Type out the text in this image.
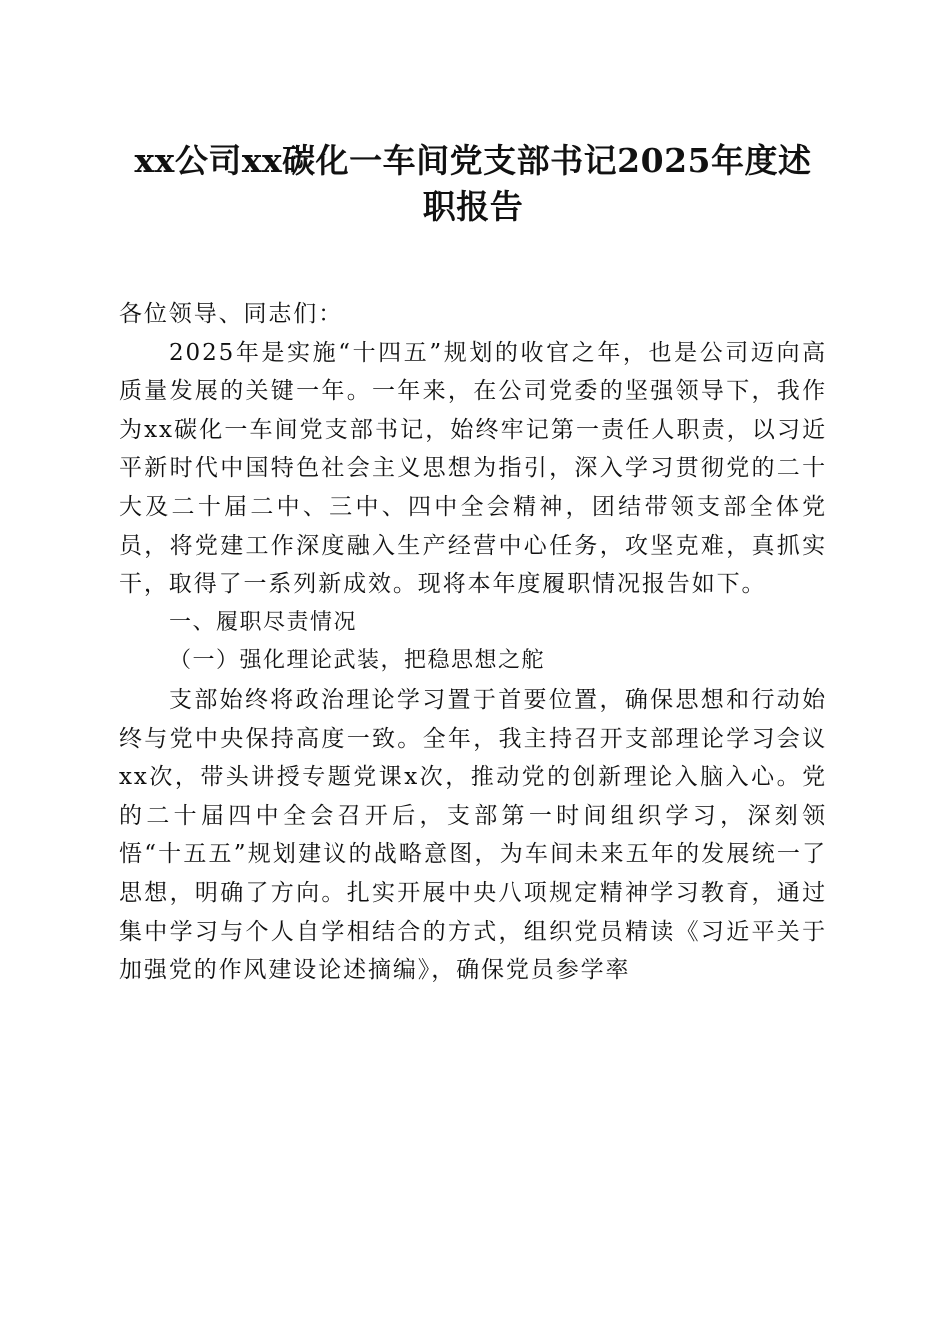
xx公司xx碳化一车间党支部书记2025年度述职报告

各位领导、同志们：

2025年是实施“十四五”规划的收官之年，也是公司迈向高质量发展的关键一年。一年来，在公司党委的坚强领导下，我作为xx碳化一车间党支部书记，始终牢记第一责任人职责，以习近平新时代中国特色社会主义思想为指引，深入学习贯彻党的二十大及二十届二中、三中、四中全会精神，团结带领支部全体党员，将党建工作深度融入生产经营中心任务，攻坚克难，真抓实干，取得了一系列新成效。现将本年度履职情况报告如下。

一、履职尽责情况

（一）强化理论武装，把稳思想之舵

支部始终将政治理论学习置于首要位置，确保思想和行动始终与党中央保持高度一致。全年，我主持召开支部理论学习会议xx次，带头讲授专题党课x次，推动党的创新理论入脑入心。党的二十届四中全会召开后，支部第一时间组织学习，深刻领悟“十五五”规划建议的战略意图，为车间未来五年的发展统一了思想，明确了方向。扎实开展中央八项规定精神学习教育，通过集中学习与个人自学相结合的方式，组织党员精读《习近平关于加强党的作风建设论述摘编》，确保党员参学率
